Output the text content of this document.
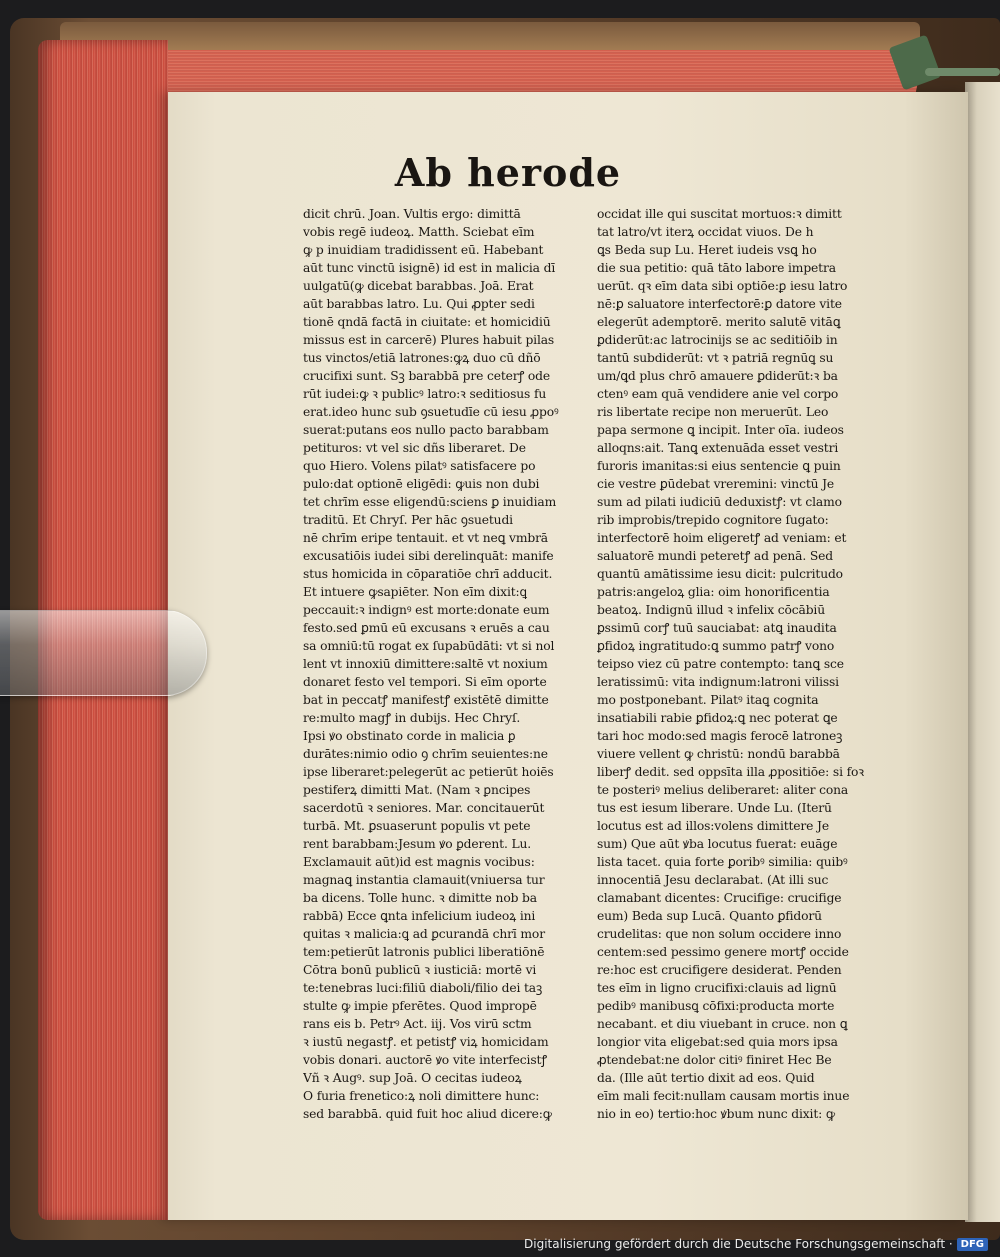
Ab herode
dicit chrū. Joan. Vultis ergo: dimittā
vobis regē iudeoꝝ. Matth. Sciebat eīm
ꝙ p inuidiam tradidissent eū. Habebant
aūt tunc vinctū isignē) id est in malicia dī
uulgatū(ꝙ dicebat barabbas. Joā. Erat
aūt barabbas latro. Lu. Qui ꝓpter sedi
tionē qndā factā in ciuitate: et homicidiū
missus est in carcerē) Plures habuit pilas
tus vinctos/etiā latrones:ꝙꝝ duo cū dñō
crucifixi sunt. Sꝫ barabbā pre ceterꝭ ode
rūt iudei:ꝙ ꝛ publicꝰ latro:ꝛ seditiosus fu
erat.ideo hunc sub ꝯsuetudīe cū iesu ꝓpoꝰ
suerat:putans eos nullo pacto barabbam
petituros: vt vel sic dñs liberaret. De
quo Hiero. Volens pilatꝰ satisfacere po
pulo:dat optionē eligēdi: ꝙuis non dubi
tet chrīm esse eligendū:sciens ꝑ inuidiam
traditū. Et Chryſ. Per hāc ꝯsuetudi
nē chrīm eripe tentauit. et vt neꝗ vmbrā
excusatiōis iudei sibi derelinquāt: manife
stus homicida in cōparatiōe chrī adducit.
Et intuere ꝙsapiēter. Non eīm dixit:ꝗ
peccauit:ꝛ indignꝰ est morte:donate eum
festo.sed ꝑmū eū excusans ꝛ eruēs a cau
sa omniū:tū rogat ex ſupabūdāti: vt si nol
lent vt innoxiū dimittere:saltē vt noxium
donaret festo vel tempori. Si eīm oporte
bat in peccatꝭ manifestꝭ existētē dimitte
re:multo magꝭ in dubijs. Hec Chryſ.
Ipsi ꝟo obstinato corde in malicia ꝑ
durātes:nimio odio ꝯ chrīm seuientes:ne
ipse liberaret:pelegerūt ac petierūt hoiēs
pestiferꝝ dimitti Mat. (Nam ꝛ ꝑncipes
sacerdotū ꝛ seniores. Mar. concitauerūt
turbā. Mt. ꝑsuaserunt populis vt pete
rent barabbam:Jesum ꝟo ꝑderent. Lu.
Exclamauit aūt)id est magnis vocibus:
magnaꝗ instantia clamauit(vniuersa tur
ba dicens. Tolle hunc. ꝛ dimitte nob ba
rabbā) Ecce ꝗnta infelicium iudeoꝝ ini
quitas ꝛ malicia:ꝗ ad ꝑcurandā chrī mor
tem:petierūt latronis publici liberatiōnē
Cōtra bonū publicū ꝛ iusticiā: mortē vi
te:tenebras luci:filiū diaboli/filio dei taꝫ
stulte ꝙ impie pferētes. Quod impropē
rans eis b. Petrꝰ Act. iij. Vos virū sctm
ꝛ iustū negastꝭ. et petistꝭ viꝝ homicidam
vobis donari. auctorē ꝟo vite interfecistꝭ
Vñ ꝛ Augꝰ. sup Joā. O cecitas iudeoꝝ
O furia frenetico:ꝝ noli dimittere hunc:
sed barabbā. quid fuit hoc aliud dicere:ꝙ
occidat ille qui suscitat mortuos:ꝛ dimitt
tat latro/vt iterꝝ occidat viuos. De h
ꝗs Beda sup Lu. Heret iudeis vsꝗ ho
die sua petitio: quā tāto labore impetra
uerūt. qꝛ eīm data sibi optiōe:ꝑ iesu latro
nē:ꝑ saluatore interfectorē:ꝑ datore vite
elegerūt ademptorē. merito salutē vitāꝗ
ꝑdiderūt:ac latrocinijs se ac seditiōib in
tantū subdiderūt: vt ꝛ patriā regnūꝗ su
um/ꝗd plus chrō amauere ꝑdiderūt:ꝛ ba
ctenꝰ eam quā vendidere anie vel corpo
ris libertate recipe non meruerūt. Leo
papa sermone ꝗ incipit. Inter oīa. iudeos
alloqns:ait. Tanꝗ extenuāda esset vestri
furoris imanitas:si eius sentencie ꝗ puin
cie vestre ꝑūdebat vreremini: vinctū Je
sum ad pilati iudiciū deduxistꝭ: vt clamo
rib improbis/trepido cognitore ſugato:
interfectorē hoim eligeretꝭ ad veniam: et
saluatorē mundi peteretꝭ ad penā. Sed
quantū amātissime iesu dicit: pulcritudo
patris:angeloꝝ glia: oim honorificentia
beatoꝝ. Indignū illud ꝛ infelix cōcābiū
ꝑssimū corꝭ tuū sauciabat: atꝗ inaudita
ꝑfidoꝝ ingratitudo:ꝗ summo patrꝭ vono
teipso viez cū patre contempto: tanꝗ sce
leratissimū: vita indignum:latroni vilissi
mo postponebant. Pilatꝰ itaꝗ cognita
insatiabili rabie ꝑfidoꝝ:ꝗ nec poterat ꝗe
tari hoc modo:sed magis ferocē latroneꝫ
viuere vellent ꝙ christū: nondū barabbā
liberꝭ dedit. sed oppsīta illa ꝓpositiōe: si foꝛ
te posteriꝰ melius deliberaret: aliter cona
tus est iesum liberare. Unde Lu. (Iterū
locutus est ad illos:volens dimittere Je
sum) Que aūt ꝟba locutus fuerat: euāge
lista tacet. quia forte ꝑoribꝰ similia: quibꝰ
innocentiā Jesu declarabat. (At illi suc
clamabant dicentes: Crucifige: crucifige
eum) Beda sup Lucā. Quanto ꝑfidorū
crudelitas: que non solum occidere inno
centem:sed pessimo genere mortꝭ occide
re:hoc est crucifigere desiderat. Penden
tes eīm in ligno crucifixi:clauis ad lignū
pedibꝰ manibusꝗ cōfixi:producta morte
necabant. et diu viuebant in cruce. non ꝗ
longior vita eligebat:sed quia mors ipsa
ꝓtendebat:ne dolor citiꝰ finiret Hec Be
da. (Ille aūt tertio dixit ad eos. Quid
eīm mali fecit:nullam causam mortis inue
nio in eo) tertio:hoc ꝟbum nunc dixit: ꝙ
Digitalisierung gefördert durch die Deutsche Forschungsgemeinschaft · DFG
